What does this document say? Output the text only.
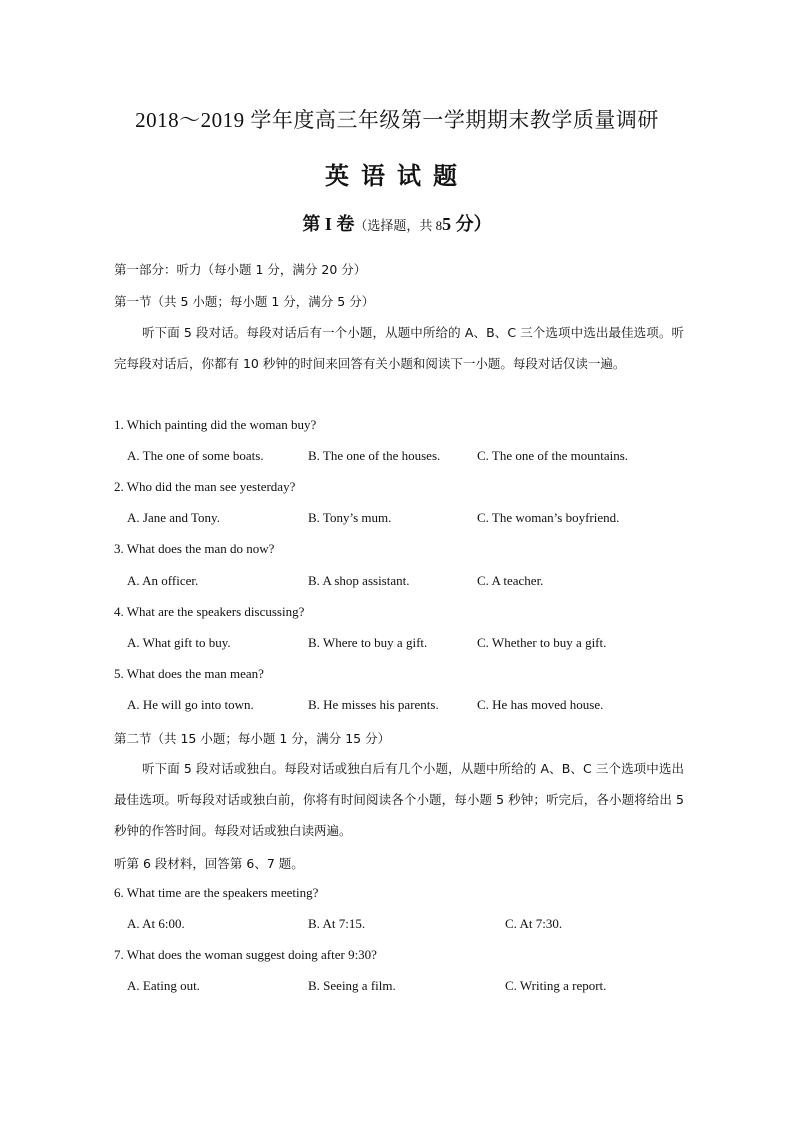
2018～2019 学年度高三年级第一学期期末教学质量调研
英语试题
第 I 卷（选择题，共 85 分）
第一部分：听力（每小题 1 分，满分 20 分）
第一节（共 5 小题；每小题 1 分，满分 5 分）
听下面 5 段对话。每段对话后有一个小题，从题中所给的 A、B、C 三个选项中选出最佳选项。听完每段对话后，你都有 10 秒钟的时间来回答有关小题和阅读下一小题。每段对话仅读一遍。
1. Which painting did the woman buy?
A. The one of some boats.	B. The one of the houses.	C. The one of the mountains.
2. Who did the man see yesterday?
A. Jane and Tony.	B. Tony’s mum.	C. The woman’s boyfriend.
3. What does the man do now?
A. An officer.	B. A shop assistant.	C. A teacher.
4. What are the speakers discussing?
A. What gift to buy.	B. Where to buy a gift.	C. Whether to buy a gift.
5. What does the man mean?
A. He will go into town.	B. He misses his parents.	C. He has moved house.
第二节（共 15 小题；每小题 1 分，满分 15 分）
听下面 5 段对话或独白。每段对话或独白后有几个小题，从题中所给的 A、B、C 三个选项中选出最佳选项。听每段对话或独白前，你将有时间阅读各个小题，每小题 5 秒钟；听完后，各小题将给出 5 秒钟的作答时间。每段对话或独白读两遍。
听第 6 段材料，回答第 6、7 题。
6. What time are the speakers meeting?
A. At 6:00.	B. At 7:15.	C. At 7:30.
7. What does the woman suggest doing after 9:30?
A. Eating out.	B. Seeing a film.	C. Writing a report.
